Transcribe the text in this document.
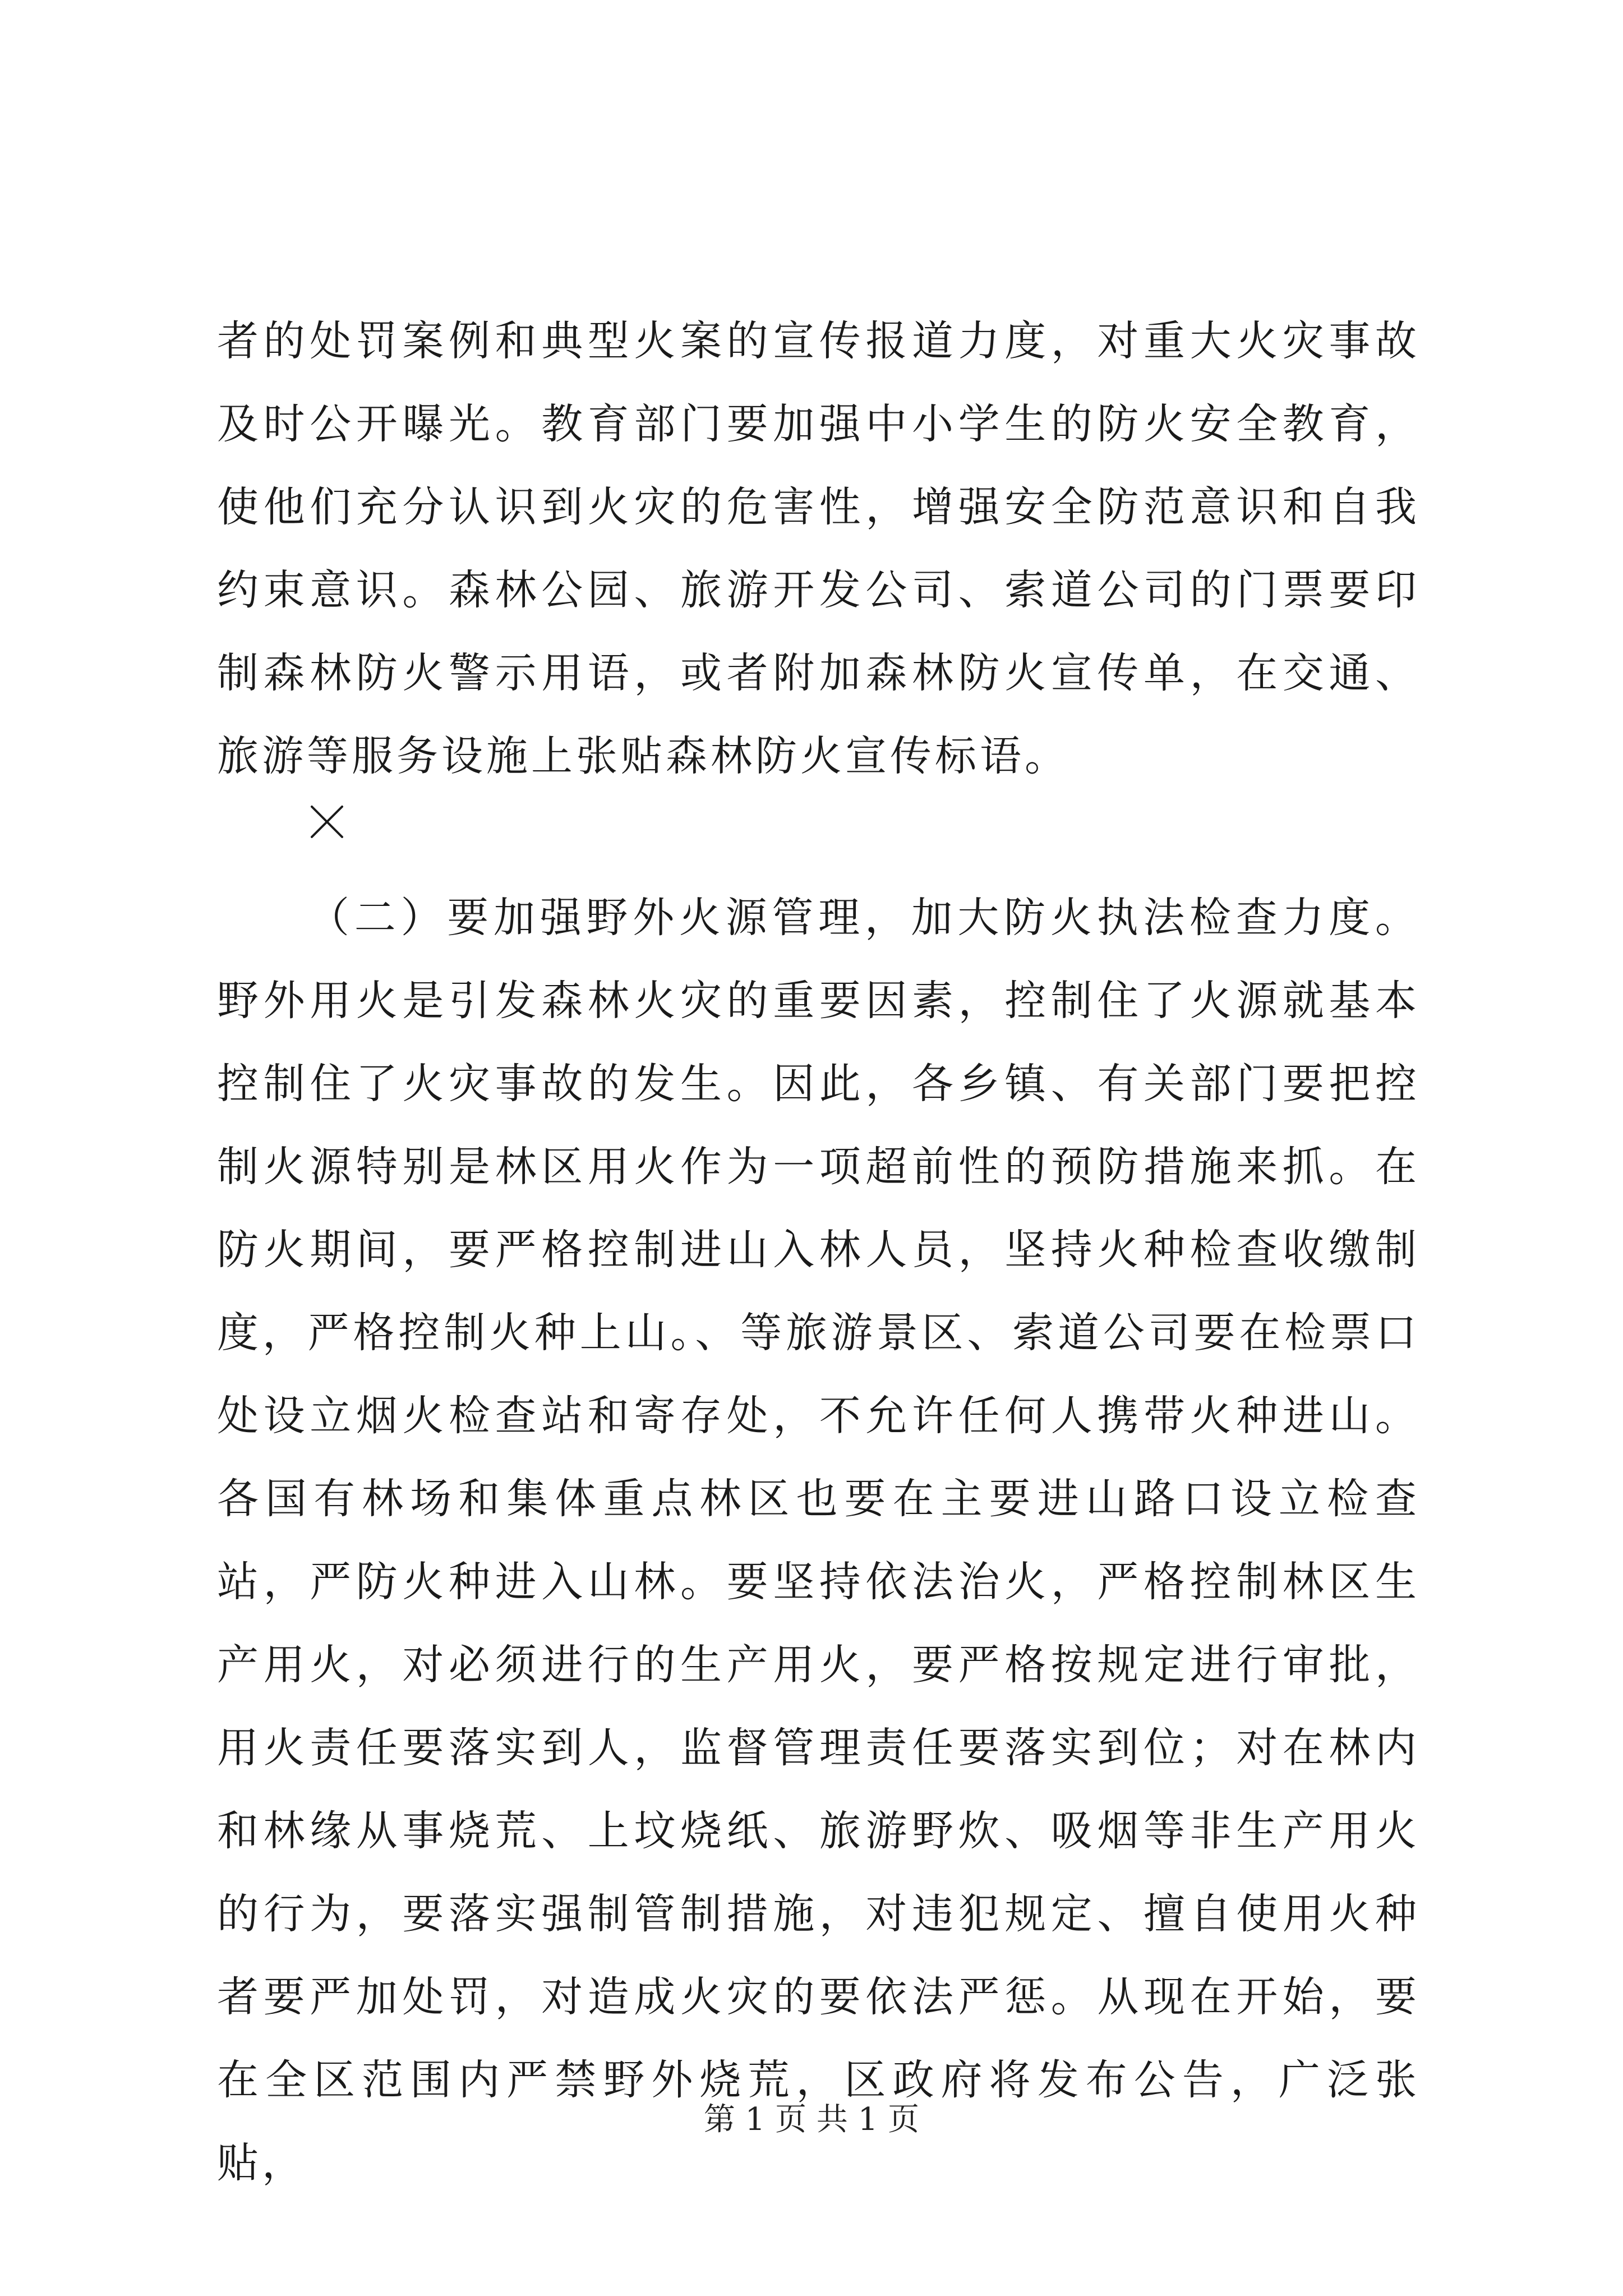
者的处罚案例和典型火案的宣传报道力度，对重大火灾事故及时公开曝光。教育部门要加强中小学生的防火安全教育，使他们充分认识到火灾的危害性，增强安全防范意识和自我约束意识。森林公园、旅游开发公司、索道公司的门票要印制森林防火警示用语，或者附加森林防火宣传单，在交通、旅游等服务设施上张贴森林防火宣传标语。

（二）要加强野外火源管理，加大防火执法检查力度。野外用火是引发森林火灾的重要因素，控制住了火源就基本控制住了火灾事故的发生。因此，各乡镇、有关部门要把控制火源特别是林区用火作为一项超前性的预防措施来抓。在防火期间，要严格控制进山入林人员，坚持火种检查收缴制度，严格控制火种上山。、等旅游景区、索道公司要在检票口处设立烟火检查站和寄存处，不允许任何人携带火种进山。各国有林场和集体重点林区也要在主要进山路口设立检查站，严防火种进入山林。要坚持依法治火，严格控制林区生产用火，对必须进行的生产用火，要严格按规定进行审批，用火责任要落实到人，监督管理责任要落实到位；对在林内和林缘从事烧荒、上坟烧纸、旅游野炊、吸烟等非生产用火的行为，要落实强制管制措施，对违犯规定、擅自使用火种者要严加处罚，对造成火灾的要依法严惩。从现在开始，要在全区范围内严禁野外烧荒，区政府将发布公告，广泛张贴，

第 1 页 共 1 页
